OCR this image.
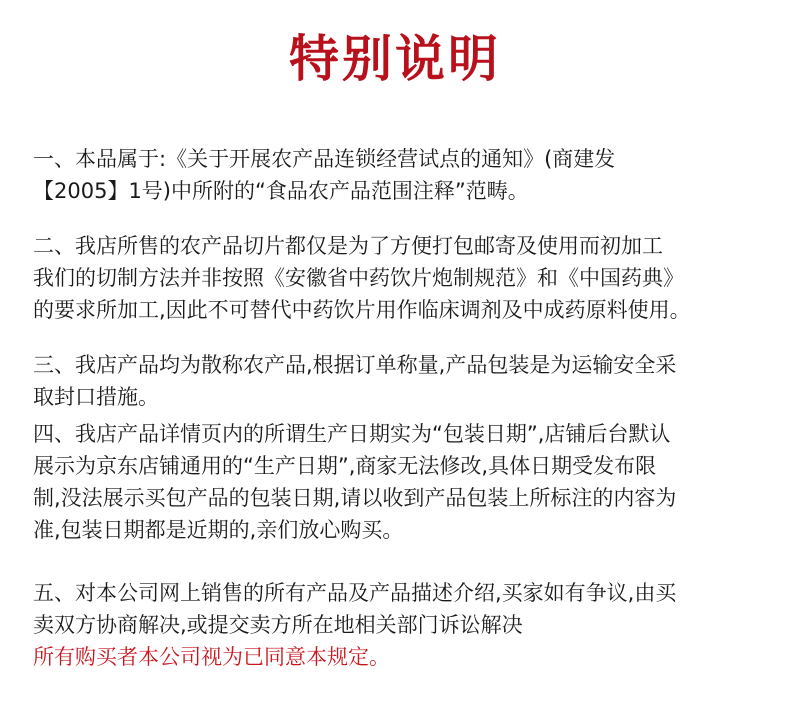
特别说明
一、本品属于:《关于开展农产品连锁经营试点的通知》(商建发
【2005】1号)中所附的“食品农产品范围注释”范畴。
二、我店所售的农产品切片都仅是为了方便打包邮寄及使用而初加工
我们的切制方法并非按照《安徽省中药饮片炮制规范》和《中国药典》
的要求所加工,因此不可替代中药饮片用作临床调剂及中成药原料使用。
三、我店产品均为散称农产品,根据订单称量,产品包装是为运输安全采
取封口措施。
四、我店产品详情页内的所谓生产日期实为“包装日期”,店铺后台默认
展示为京东店铺通用的“生产日期”,商家无法修改,具体日期受发布限
制,没法展示买包产品的包装日期,请以收到产品包装上所标注的内容为
准,包装日期都是近期的,亲们放心购买。
五、对本公司网上销售的所有产品及产品描述介绍,买家如有争议,由买
卖双方协商解决,或提交卖方所在地相关部门诉讼解决
所有购买者本公司视为已同意本规定。
